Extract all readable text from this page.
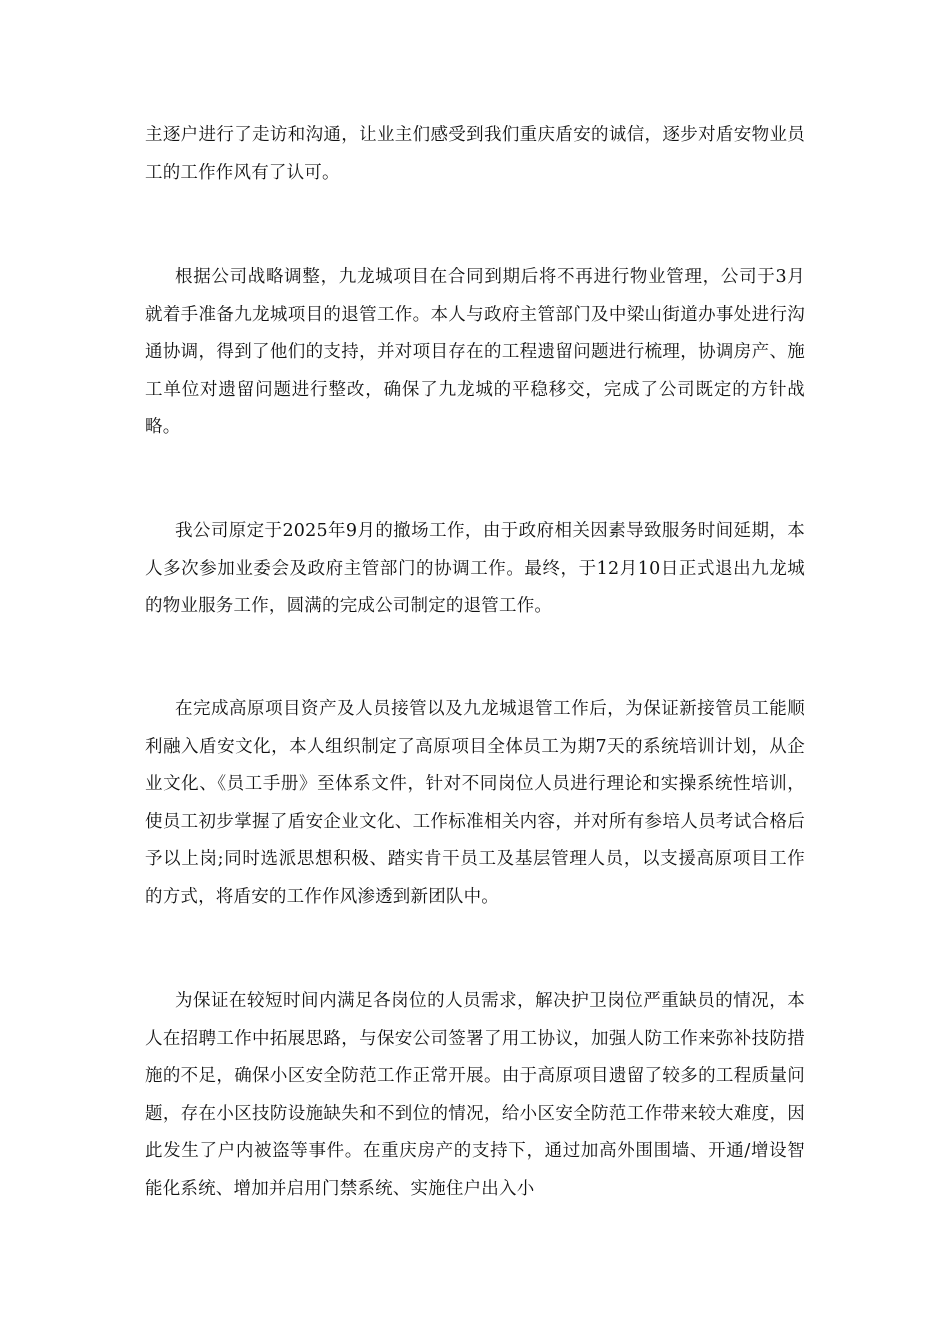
主逐户进行了走访和沟通，让业主们感受到我们重庆盾安的诚信，逐步对盾安物业员工的工作作风有了认可。

根据公司战略调整，九龙城项目在合同到期后将不再进行物业管理，公司于3月就着手准备九龙城项目的退管工作。本人与政府主管部门及中梁山街道办事处进行沟通协调，得到了他们的支持，并对项目存在的工程遗留问题进行梳理，协调房产、施工单位对遗留问题进行整改，确保了九龙城的平稳移交，完成了公司既定的方针战略。

我公司原定于2025年9月的撤场工作，由于政府相关因素导致服务时间延期，本人多次参加业委会及政府主管部门的协调工作。最终，于12月10日正式退出九龙城的物业服务工作，圆满的完成公司制定的退管工作。

在完成高原项目资产及人员接管以及九龙城退管工作后，为保证新接管员工能顺利融入盾安文化，本人组织制定了高原项目全体员工为期7天的系统培训计划，从企业文化、《员工手册》至体系文件，针对不同岗位人员进行理论和实操系统性培训，使员工初步掌握了盾安企业文化、工作标准相关内容，并对所有参培人员考试合格后予以上岗;同时选派思想积极、踏实肯干员工及基层管理人员，以支援高原项目工作的方式，将盾安的工作作风渗透到新团队中。

为保证在较短时间内满足各岗位的人员需求，解决护卫岗位严重缺员的情况，本人在招聘工作中拓展思路，与保安公司签署了用工协议，加强人防工作来弥补技防措施的不足，确保小区安全防范工作正常开展。由于高原项目遗留了较多的工程质量问题，存在小区技防设施缺失和不到位的情况，给小区安全防范工作带来较大难度，因此发生了户内被盗等事件。在重庆房产的支持下，通过加高外围围墙、开通/增设智能化系统、增加并启用门禁系统、实施住户出入小
